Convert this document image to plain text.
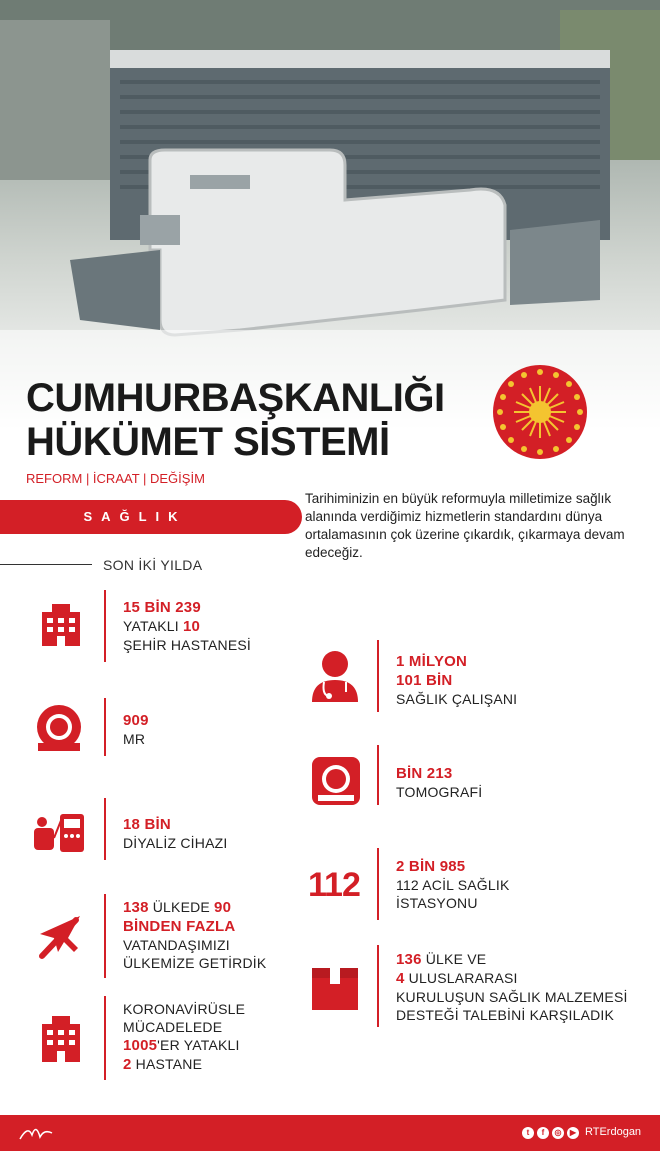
CUMHURBAŞKANLIĞI
HÜKÜMET SİSTEMİ
REFORM | İCRAAT | DEĞİŞİM
SAĞLIK
Tarihiminizin en büyük reformuyla milletimize sağlık alanında verdiğimiz hizmetlerin standardını dünya ortalamasının çok üzerine çıkardık, çıkarmaya devam edeceğiz.
SON İKİ YILDA
15 BİN 239
YATAKLI 10
ŞEHİR HASTANESİ
909
MR
18 BİN
DİYALİZ CİHAZI
138 ÜLKEDE 90
BİNDEN FAZLA
VATANDAŞIMIZI
ÜLKEMİZE GETİRDİK
KORONAVİRÜSLE
MÜCADELEDE
1005'ER YATAKLI
2 HASTANE
1 MİLYON
101 BİN
SAĞLIK ÇALIŞANI
BİN 213
TOMOGRAFİ
112 2 BİN 985
112 ACİL SAĞLIK
İSTASYONU
136 ÜLKE VE
4 ULUSLARARASI
KURULUŞUN SAĞLIK MALZEMESİ
DESTEĞİ TALEBİNİ KARŞILADIK
t	f	◎	▶ RTErdogan
